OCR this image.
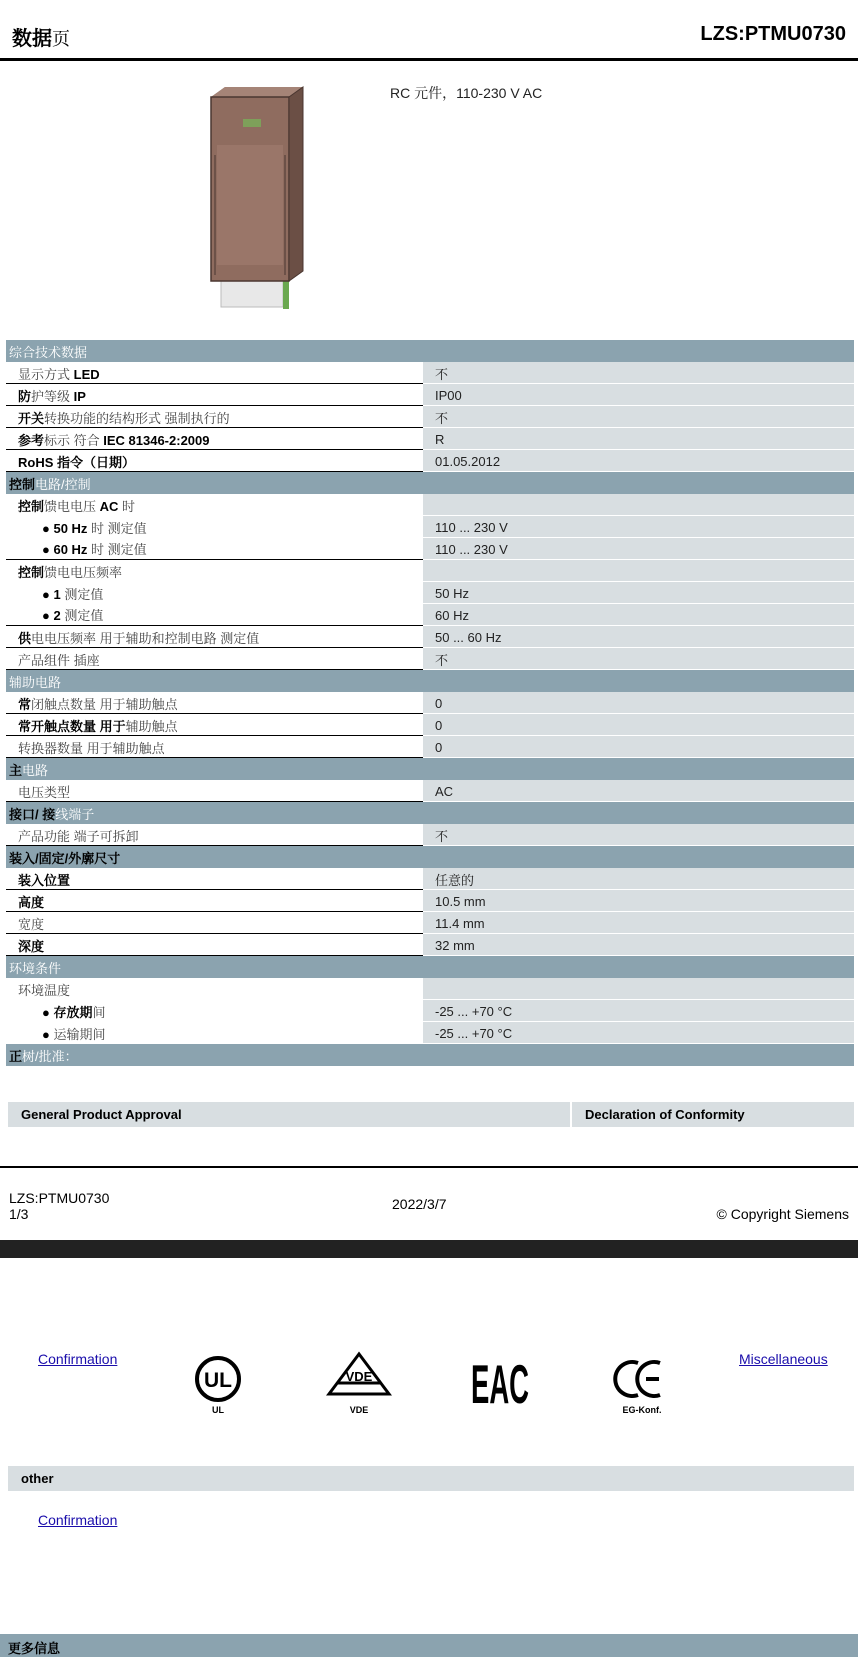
数据页	LZS:PTMU0730
RC 元件，110-230 V AC
综合技术数据	
显示方式 LED	不
防护等级 IP	IP00
开关转换功能的结构形式 强制执行的	不
参考标示 符合 IEC 81346-2:2009	R
RoHS 指令（日期）	01.05.2012
控制电路/控制	
控制馈电电压 AC 时	
● 50 Hz 时 测定值	110 ... 230 V
● 60 Hz 时 测定值	110 ... 230 V
控制馈电电压频率	
● 1 测定值	50 Hz
● 2 测定值	60 Hz
供电电压频率 用于辅助和控制电路 测定值	50 ... 60 Hz
产品组件 插座	不
辅助电路	
常闭触点数量 用于辅助触点	0
常开触点数量 用于辅助触点	0
转换器数量 用于辅助触点	0
主电路	
电压类型	AC
接口/ 接线端子	
产品功能 端子可拆卸	不
装入/固定/外廓尺寸	
装入位置	任意的
高度	10.5 mm
宽度	11.4 mm
深度	32 mm
环境条件	
环境温度	
● 存放期间	-25 ... +70 °C
● 运输期间	-25 ... +70 °C
正树/批准：	
General Product Approval	Declaration of Conformity
LZS:PTMU0730
1/3
2022/3/7
© Copyright Siemens
Confirmation	Miscellaneous
UL
UL
VDE
VDE EAC	EG-Konf.
other
Confirmation
更多信息
